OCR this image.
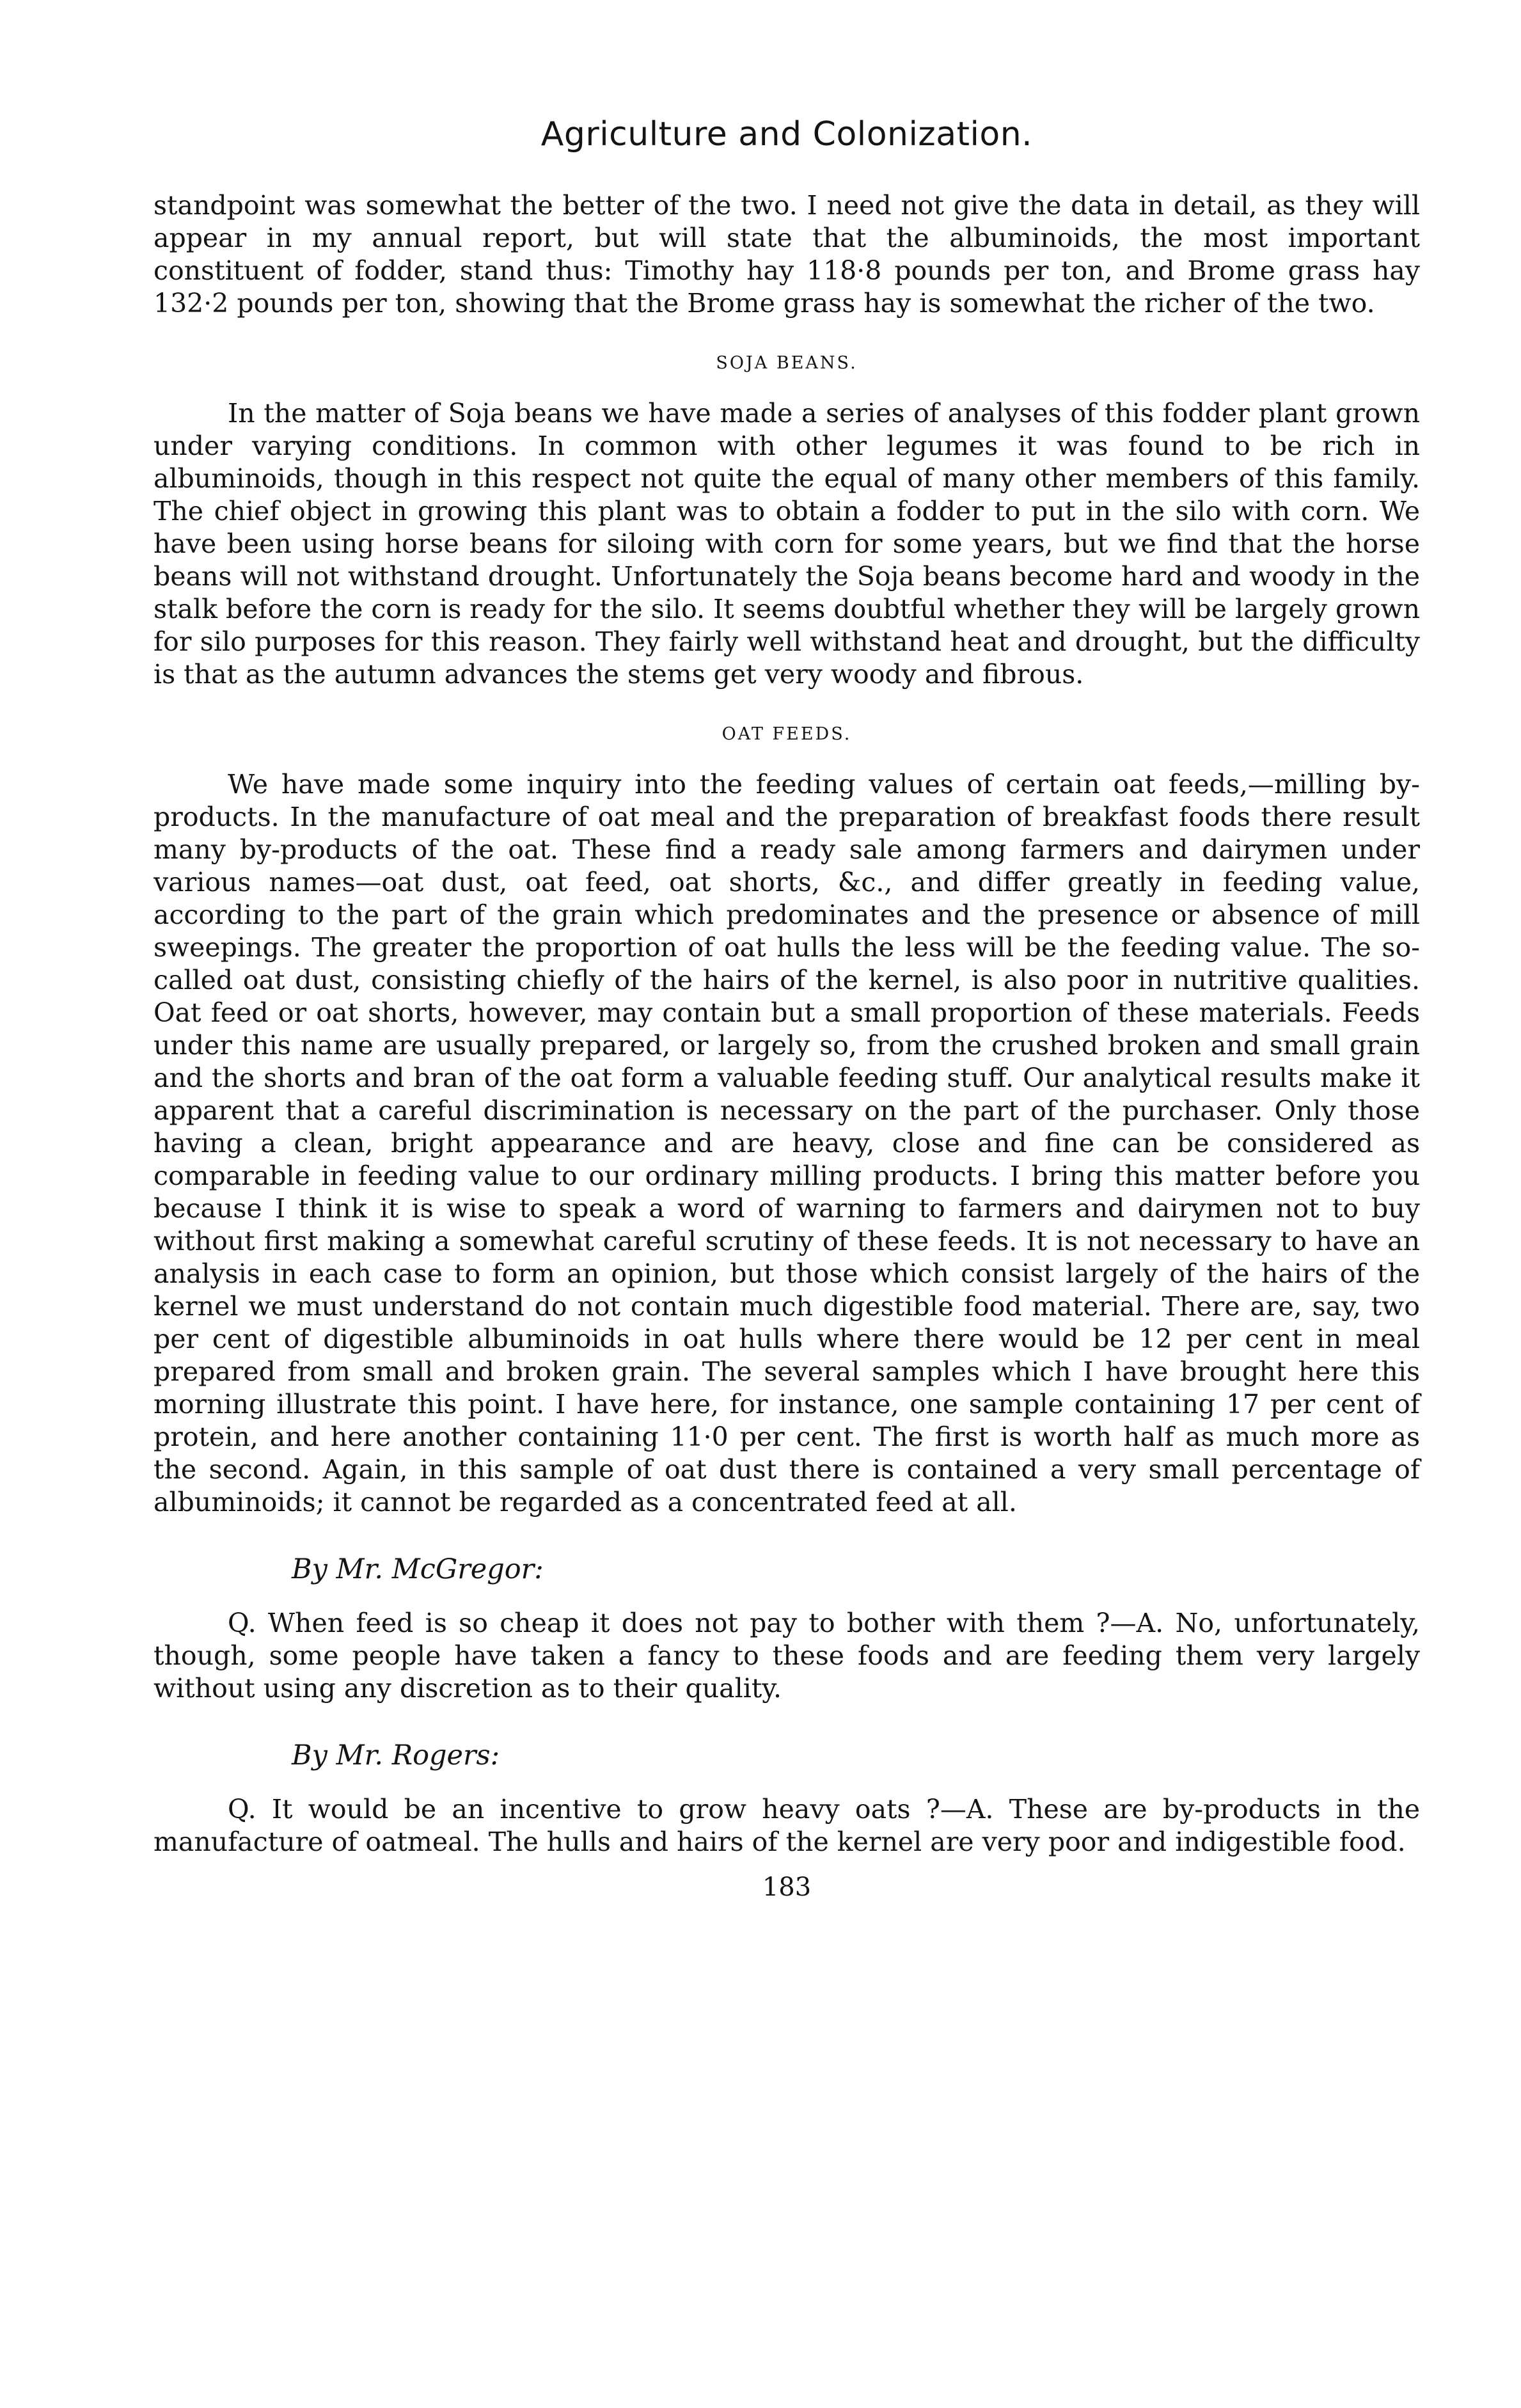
Agriculture and Colonization.

standpoint was somewhat the better of the two. I need not give the data in detail, as they will appear in my annual report, but will state that the albuminoids, the most important constituent of fodder, stand thus: Timothy hay 118·8 pounds per ton, and Brome grass hay 132·2 pounds per ton, showing that the Brome grass hay is somewhat the richer of the two.

SOJA BEANS.

In the matter of Soja beans we have made a series of analyses of this fodder plant grown under varying conditions. In common with other legumes it was found to be rich in albuminoids, though in this respect not quite the equal of many other members of this family. The chief object in growing this plant was to obtain a fodder to put in the silo with corn. We have been using horse beans for siloing with corn for some years, but we find that the horse beans will not withstand drought. Unfortunately the Soja beans become hard and woody in the stalk before the corn is ready for the silo. It seems doubtful whether they will be largely grown for silo purposes for this reason. They fairly well withstand heat and drought, but the difficulty is that as the autumn advances the stems get very woody and fibrous.

OAT FEEDS.

We have made some inquiry into the feeding values of certain oat feeds,—milling by-products. In the manufacture of oat meal and the preparation of breakfast foods there result many by-products of the oat. These find a ready sale among farmers and dairymen under various names—oat dust, oat feed, oat shorts, &c., and differ greatly in feeding value, according to the part of the grain which predominates and the presence or absence of mill sweepings. The greater the proportion of oat hulls the less will be the feeding value. The so-called oat dust, consisting chiefly of the hairs of the kernel, is also poor in nutritive qualities. Oat feed or oat shorts, however, may contain but a small proportion of these materials. Feeds under this name are usually prepared, or largely so, from the crushed broken and small grain and the shorts and bran of the oat form a valuable feeding stuff. Our analytical results make it apparent that a careful discrimination is necessary on the part of the purchaser. Only those having a clean, bright appearance and are heavy, close and fine can be considered as comparable in feeding value to our ordinary milling products. I bring this matter before you because I think it is wise to speak a word of warning to farmers and dairymen not to buy without first making a somewhat careful scrutiny of these feeds. It is not necessary to have an analysis in each case to form an opinion, but those which consist largely of the hairs of the kernel we must understand do not contain much digestible food material. There are, say, two per cent of digestible albuminoids in oat hulls where there would be 12 per cent in meal prepared from small and broken grain. The several samples which I have brought here this morning illustrate this point. I have here, for instance, one sample containing 17 per cent of protein, and here another containing 11·0 per cent. The first is worth half as much more as the second. Again, in this sample of oat dust there is contained a very small percentage of albuminoids; it cannot be regarded as a concentrated feed at all.

By Mr. McGregor:

Q. When feed is so cheap it does not pay to bother with them ?—A. No, unfortunately, though, some people have taken a fancy to these foods and are feeding them very largely without using any discretion as to their quality.

By Mr. Rogers:

Q. It would be an incentive to grow heavy oats ?—A. These are by-products in the manufacture of oatmeal. The hulls and hairs of the kernel are very poor and indigestible food.

183
